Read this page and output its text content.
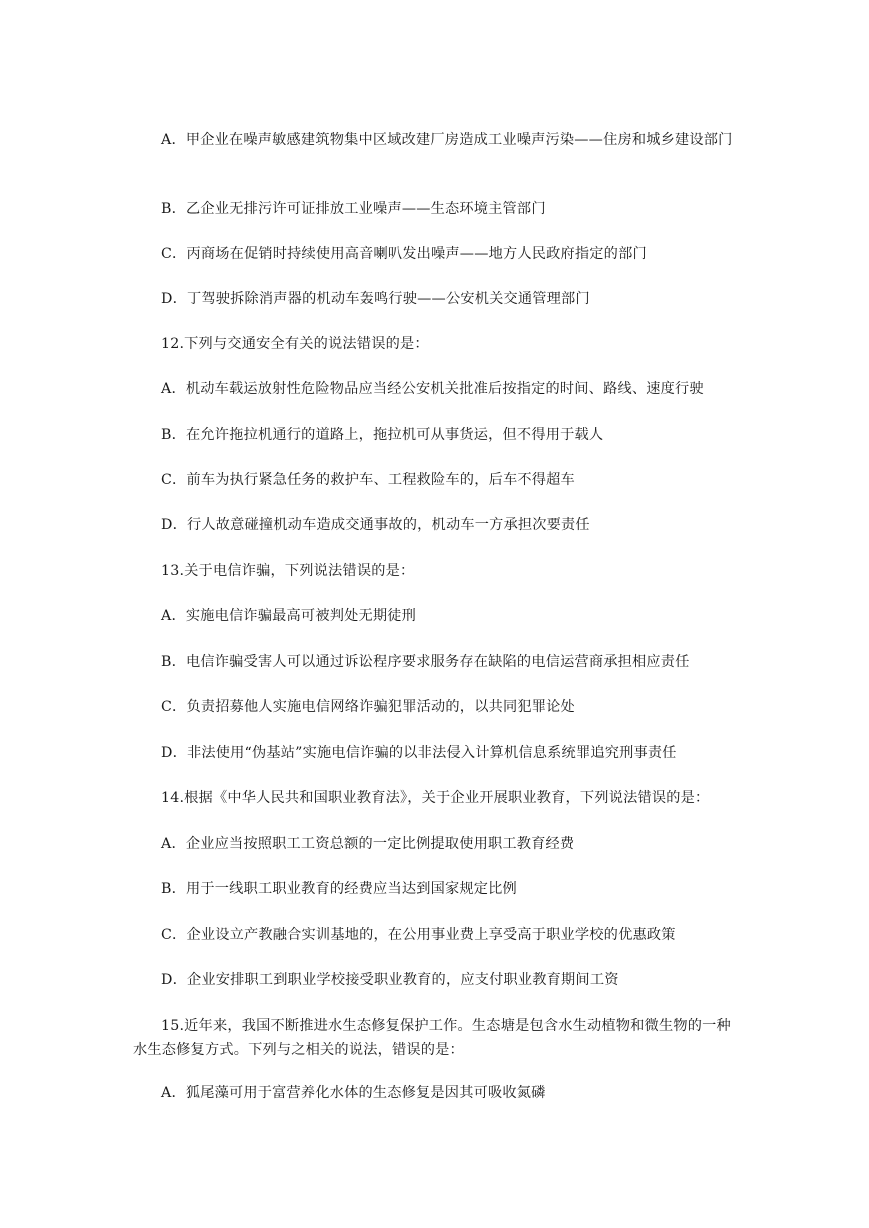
A．甲企业在噪声敏感建筑物集中区域改建厂房造成工业噪声污染——住房和城乡建设部门

B．乙企业无排污许可证排放工业噪声——生态环境主管部门

C．丙商场在促销时持续使用高音喇叭发出噪声——地方人民政府指定的部门

D．丁驾驶拆除消声器的机动车轰鸣行驶——公安机关交通管理部门

12.下列与交通安全有关的说法错误的是：

A．机动车载运放射性危险物品应当经公安机关批准后按指定的时间、路线、速度行驶

B．在允许拖拉机通行的道路上，拖拉机可从事货运，但不得用于载人

C．前车为执行紧急任务的救护车、工程救险车的，后车不得超车

D．行人故意碰撞机动车造成交通事故的，机动车一方承担次要责任

13.关于电信诈骗，下列说法错误的是：

A．实施电信诈骗最高可被判处无期徒刑

B．电信诈骗受害人可以通过诉讼程序要求服务存在缺陷的电信运营商承担相应责任

C．负责招募他人实施电信网络诈骗犯罪活动的，以共同犯罪论处

D．非法使用“伪基站”实施电信诈骗的以非法侵入计算机信息系统罪追究刑事责任

14.根据《中华人民共和国职业教育法》，关于企业开展职业教育，下列说法错误的是：

A．企业应当按照职工工资总额的一定比例提取使用职工教育经费

B．用于一线职工职业教育的经费应当达到国家规定比例

C．企业设立产教融合实训基地的，在公用事业费上享受高于职业学校的优惠政策

D．企业安排职工到职业学校接受职业教育的，应支付职业教育期间工资

15.近年来，我国不断推进水生态修复保护工作。生态塘是包含水生动植物和微生物的一种水生态修复方式。下列与之相关的说法，错误的是：

A．狐尾藻可用于富营养化水体的生态修复是因其可吸收氮磷
